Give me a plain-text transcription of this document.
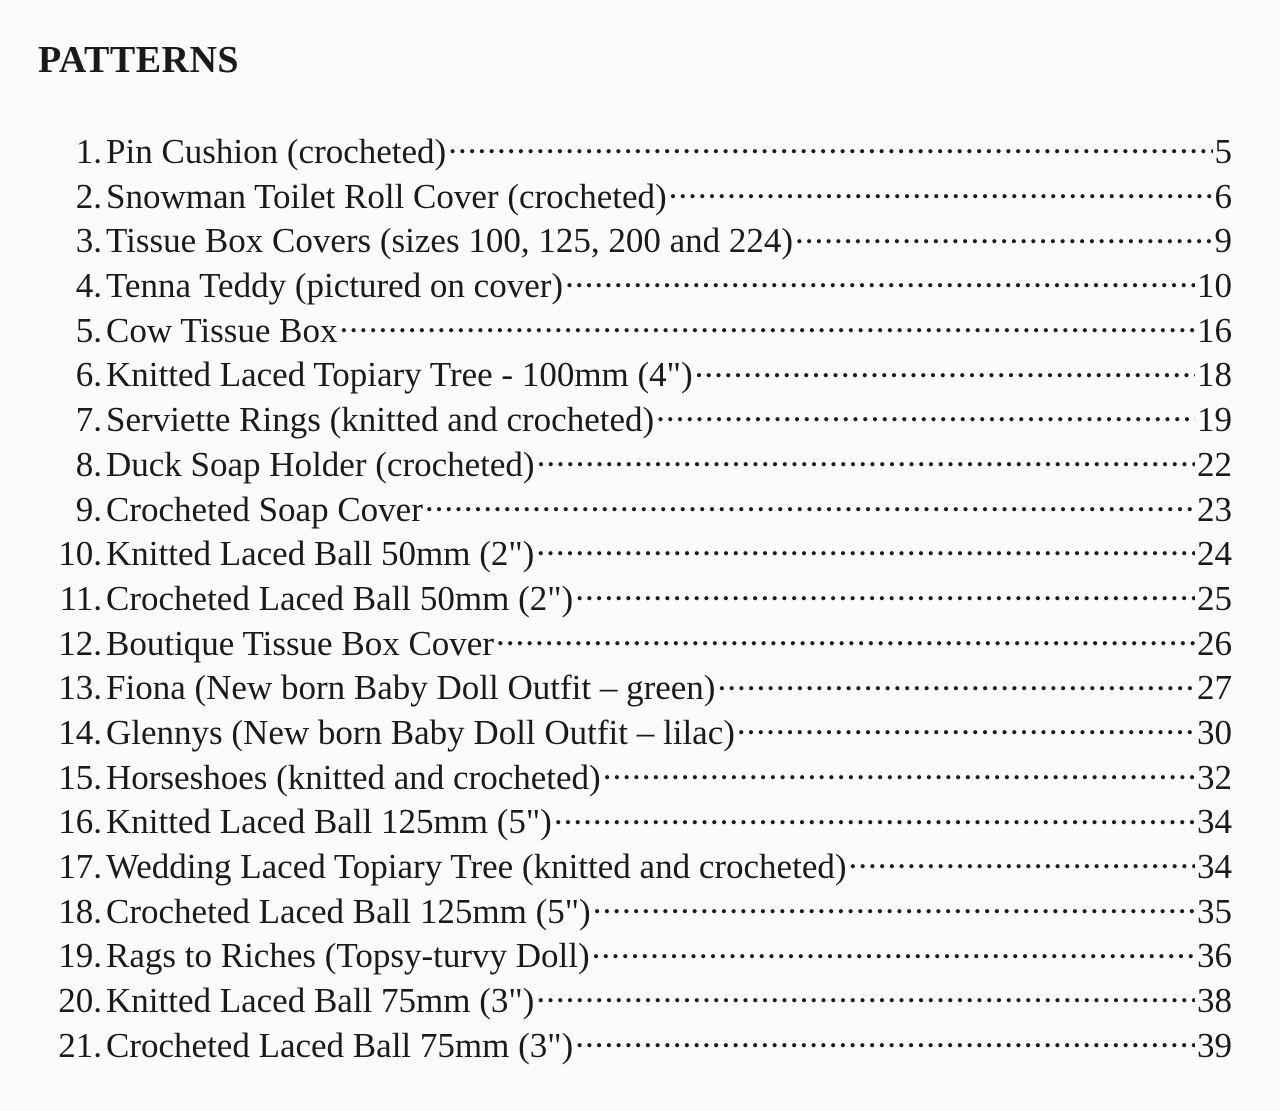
PATTERNS
1. Pin Cushion (crocheted) .....	5
2. Snowman Toilet Roll Cover (crocheted) .....	6
3. Tissue Box Covers (sizes 100, 125, 200 and 224) .....	9
4. Tenna Teddy (pictured on cover) .....	10
5. Cow Tissue Box .....	16
6. Knitted Laced Topiary Tree - 100mm (4") .....	18
7. Serviette Rings (knitted and crocheted) .....	19
8. Duck Soap Holder (crocheted) .....	22
9. Crocheted Soap Cover .....	23
10. Knitted Laced Ball 50mm (2") .....	24
11. Crocheted Laced Ball 50mm (2") .....	25
12. Boutique Tissue Box Cover .....	26
13. Fiona (New born Baby Doll Outfit – green) .....	27
14. Glennys (New born Baby Doll Outfit – lilac) .....	30
15. Horseshoes (knitted and crocheted) .....	32
16. Knitted Laced Ball 125mm (5") .....	34
17. Wedding Laced Topiary Tree (knitted and crocheted) .....	34
18. Crocheted Laced Ball 125mm (5") .....	35
19. Rags to Riches (Topsy-turvy Doll) .....	36
20. Knitted Laced Ball 75mm (3") .....	38
21. Crocheted Laced Ball 75mm (3") .....	39
